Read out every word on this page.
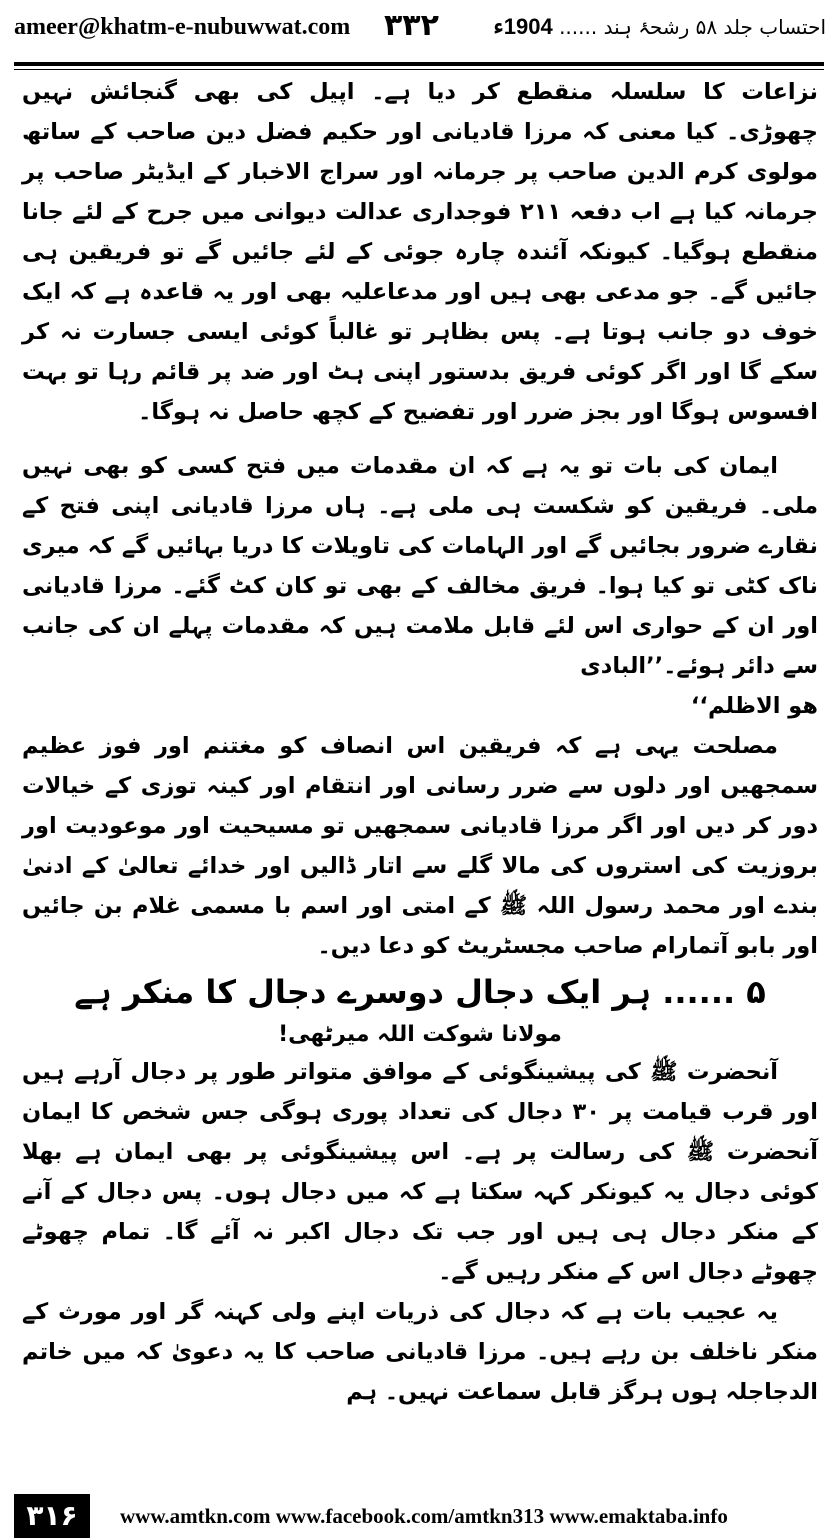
ameer@khatm-e-nubuwwat.com ۳۳۲	احتساب جلد ۵۸ رشحۂ ہند ...... 1904ء

نزاعات کا سلسلہ منقطع کر دیا ہے۔ اپیل کی بھی گنجائش نہیں چھوڑی۔ کیا معنی کہ مرزا قادیانی اور حکیم فضل دین صاحب کے ساتھ مولوی کرم الدین صاحب پر جرمانہ اور سراج الاخبار کے ایڈیٹر صاحب پر جرمانہ کیا ہے اب دفعہ ۲۱۱ فوجداری عدالت دیوانی میں جرح کے لئے جانا منقطع ہوگیا۔ کیونکہ آئندہ چارہ جوئی کے لئے جائیں گے تو فریقین ہی جائیں گے۔ جو مدعی بھی ہیں اور مدعاعلیہ بھی اور یہ قاعدہ ہے کہ ایک خوف دو جانب ہوتا ہے۔ پس بظاہر تو غالباً کوئی ایسی جسارت نہ کر سکے گا اور اگر کوئی فریق بدستور اپنی ہٹ اور ضد پر قائم رہا تو بہت افسوس ہوگا اور بجز ضرر اور تفضیح کے کچھ حاصل نہ ہوگا۔

ایمان کی بات تو یہ ہے کہ ان مقدمات میں فتح کسی کو بھی نہیں ملی۔ فریقین کو شکست ہی ملی ہے۔ ہاں مرزا قادیانی اپنی فتح کے نقارے ضرور بجائیں گے اور الہامات کی تاویلات کا دریا بہائیں گے کہ میری ناک کٹی تو کیا ہوا۔ فریق مخالف کے بھی تو کان کٹ گئے۔ مرزا قادیانی اور ان کے حواری اس لئے قابل ملامت ہیں کہ مقدمات پہلے ان کی جانب سے دائر ہوئے۔’’البادی

ھو الاظلم‘‘

مصلحت یہی ہے کہ فریقین اس انصاف کو مغتنم اور فوز عظیم سمجھیں اور دلوں سے ضرر رسانی اور انتقام اور کینہ توزی کے خیالات دور کر دیں اور اگر مرزا قادیانی سمجھیں تو مسیحیت اور موعودیت اور بروزیت کی استروں کی مالا گلے سے اتار ڈالیں اور خدائے تعالیٰ کے ادنیٰ بندے اور محمد رسول اللہ ﷺ کے امتی اور اسم با مسمی غلام بن جائیں اور بابو آتمارام صاحب مجسٹریٹ کو دعا دیں۔

۵ ...... ہر ایک دجال دوسرے دجال کا منکر ہے

مولانا شوکت اللہ میرٹھی!

آنحضرت ﷺ کی پیشینگوئی کے موافق متواتر طور پر دجال آرہے ہیں اور قرب قیامت پر ۳۰ دجال کی تعداد پوری ہوگی جس شخص کا ایمان آنحضرت ﷺ کی رسالت پر ہے۔ اس پیشینگوئی پر بھی ایمان ہے بھلا کوئی دجال یہ کیونکر کہہ سکتا ہے کہ میں دجال ہوں۔ پس دجال کے آنے کے منکر دجال ہی ہیں اور جب تک دجال اکبر نہ آئے گا۔ تمام چھوٹے چھوٹے دجال اس کے منکر رہیں گے۔

یہ عجیب بات ہے کہ دجال کی ذریات اپنے ولی کہنہ گر اور مورث کے منکر ناخلف بن رہے ہیں۔ مرزا قادیانی صاحب کا یہ دعویٰ کہ میں خاتم الدجاجلہ ہوں ہرگز قابل سماعت نہیں۔ ہم

۳۱۶	www.amtkn.com www.facebook.com/amtkn313 www.emaktaba.info
